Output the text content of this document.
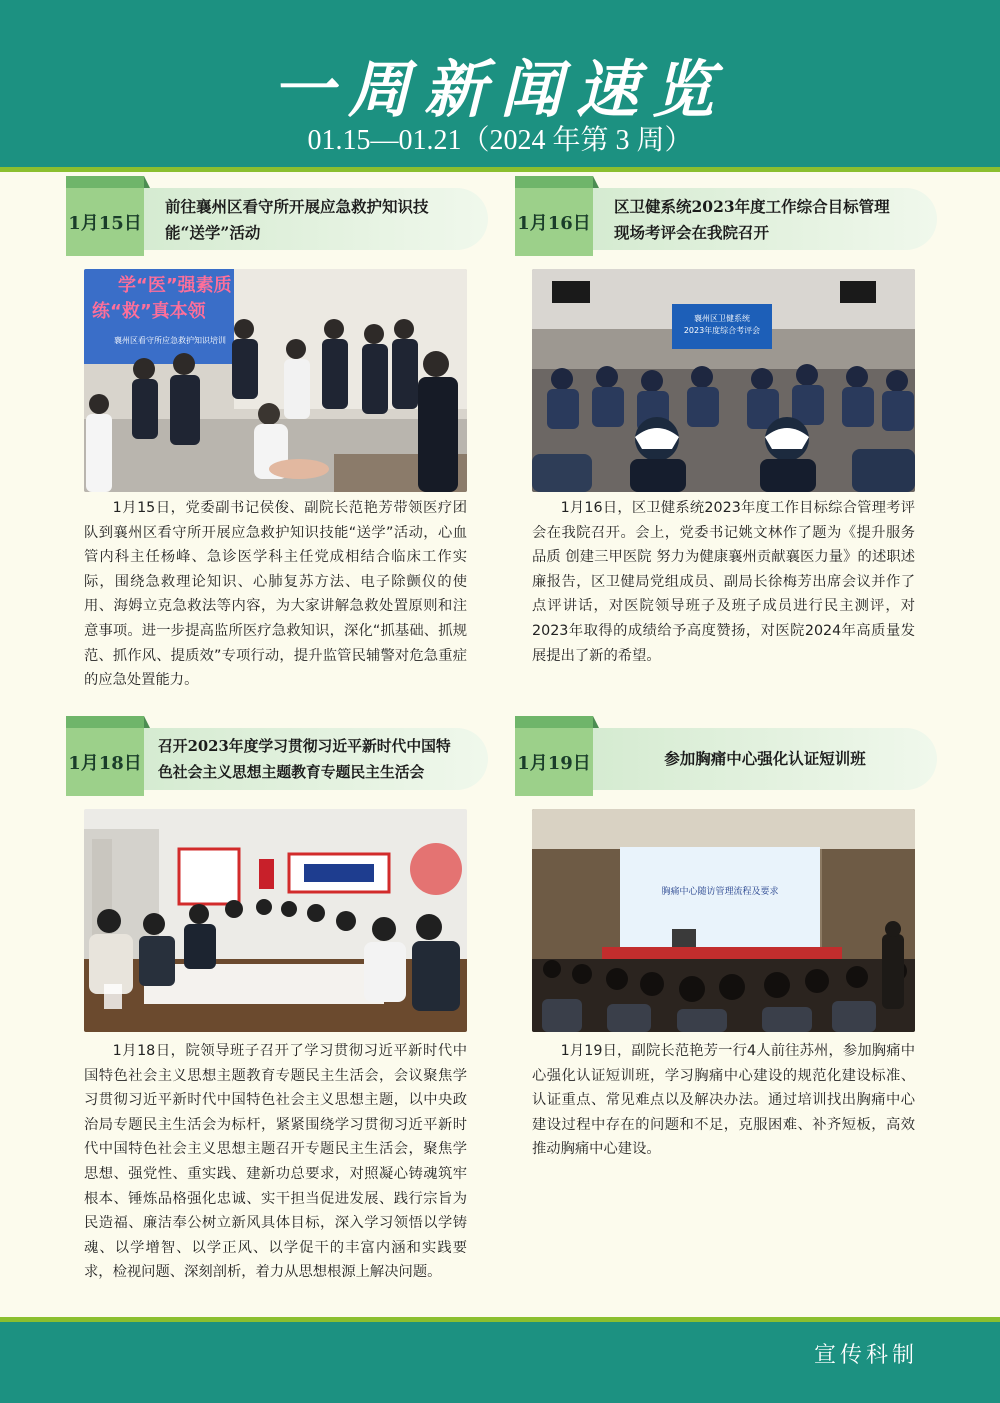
一周新闻速览
01.15—01.21（2024 年第 3 周）
1月15日
前往襄州区看守所开展应急救护知识技
能“送学”活动
学“医”强素质
练“救”真本领
襄州区看守所应急救护知识培训

1月15日，党委副书记侯俊、副院长范艳芳带领医疗团队到襄州区看守所开展应急救护知识技能“送学”活动，心血管内科主任杨峰、急诊医学科主任党成相结合临床工作实际，围绕急救理论知识、心肺复苏方法、电子除颤仪的使用、海姆立克急救法等内容，为大家讲解急救处置原则和注意事项。进一步提高监所医疗急救知识，深化“抓基础、抓规范、抓作风、提质效”专项行动，提升监管民辅警对危急重症的应急处置能力。

1月16日
区卫健系统2023年度工作综合目标管理
现场考评会在我院召开
襄州区卫健系统
2023年度综合考评会

1月16日，区卫健系统2023年度工作目标综合管理考评会在我院召开。会上，党委书记姚文林作了题为《提升服务品质 创建三甲医院 努力为健康襄州贡献襄医力量》的述职述廉报告，区卫健局党组成员、副局长徐梅芳出席会议并作了点评讲话，对医院领导班子及班子成员进行民主测评，对2023年取得的成绩给予高度赞扬，对医院2024年高质量发展提出了新的希望。

1月18日
召开2023年度学习贯彻习近平新时代中国特
色社会主义思想主题教育专题民主生活会

1月18日，院领导班子召开了学习贯彻习近平新时代中国特色社会主义思想主题教育专题民主生活会，会议聚焦学习贯彻习近平新时代中国特色社会主义思想主题，以中央政治局专题民主生活会为标杆，紧紧围绕学习贯彻习近平新时代中国特色社会主义思想主题召开专题民主生活会，聚焦学思想、强党性、重实践、建新功总要求，对照凝心铸魂筑牢根本、锤炼品格强化忠诚、实干担当促进发展、践行宗旨为民造福、廉洁奉公树立新风具体目标，深入学习领悟以学铸魂、以学增智、以学正风、以学促干的丰富内涵和实践要求，检视问题、深刻剖析，着力从思想根源上解决问题。

1月19日	参加胸痛中心强化认证短训班
胸痛中心随访管理流程及要求

1月19日，副院长范艳芳一行4人前往苏州，参加胸痛中心强化认证短训班，学习胸痛中心建设的规范化建设标准、认证重点、常见难点以及解决办法。通过培训找出胸痛中心建设过程中存在的问题和不足，克服困难、补齐短板，高效推动胸痛中心建设。

宣传科制
